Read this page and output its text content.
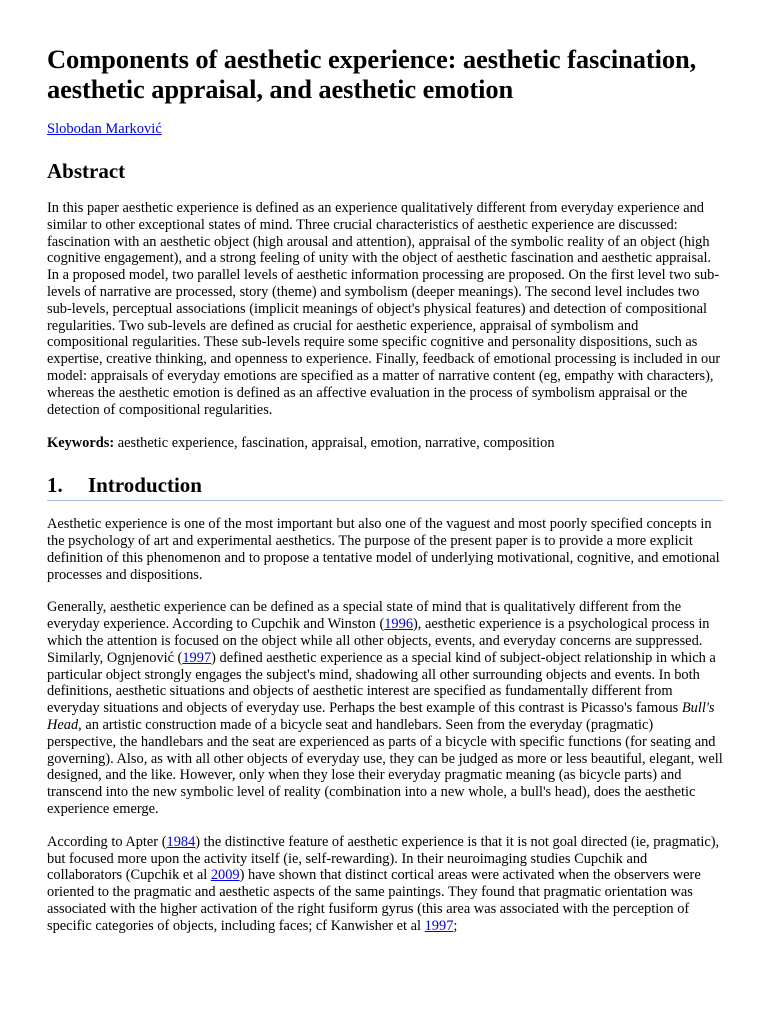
Components of aesthetic experience: aesthetic fascination, aesthetic appraisal, and aesthetic emotion
Slobodan Marković
Abstract

In this paper aesthetic experience is defined as an experience qualitatively different from everyday experience and similar to other exceptional states of mind. Three crucial characteristics of aesthetic experience are discussed: fascination with an aesthetic object (high arousal and attention), appraisal of the symbolic reality of an object (high cognitive engagement), and a strong feeling of unity with the object of aesthetic fascination and aesthetic appraisal. In a proposed model, two parallel levels of aesthetic information processing are proposed. On the first level two sub-levels of narrative are processed, story (theme) and symbolism (deeper meanings). The second level includes two sub-levels, perceptual associations (implicit meanings of object's physical features) and detection of compositional regularities. Two sub-levels are defined as crucial for aesthetic experience, appraisal of symbolism and compositional regularities. These sub-levels require some specific cognitive and personality dispositions, such as expertise, creative thinking, and openness to experience. Finally, feedback of emotional processing is included in our model: appraisals of everyday emotions are specified as a matter of narrative content (eg, empathy with characters), whereas the aesthetic emotion is defined as an affective evaluation in the process of symbolism appraisal or the detection of compositional regularities.

Keywords: aesthetic experience, fascination, appraisal, emotion, narrative, composition

1.	Introduction

Aesthetic experience is one of the most important but also one of the vaguest and most poorly specified concepts in the psychology of art and experimental aesthetics. The purpose of the present paper is to provide a more explicit definition of this phenomenon and to propose a tentative model of underlying motivational, cognitive, and emotional processes and dispositions.

Generally, aesthetic experience can be defined as a special state of mind that is qualitatively different from the everyday experience. According to Cupchik and Winston (1996), aesthetic experience is a psychological process in which the attention is focused on the object while all other objects, events, and everyday concerns are suppressed. Similarly, Ognjenović (1997) defined aesthetic experience as a special kind of subject-object relationship in which a particular object strongly engages the subject's mind, shadowing all other surrounding objects and events. In both definitions, aesthetic situations and objects of aesthetic interest are specified as fundamentally different from everyday situations and objects of everyday use. Perhaps the best example of this contrast is Picasso's famous Bull's Head, an artistic construction made of a bicycle seat and handlebars. Seen from the everyday (pragmatic) perspective, the handlebars and the seat are experienced as parts of a bicycle with specific functions (for seating and governing). Also, as with all other objects of everyday use, they can be judged as more or less beautiful, elegant, well designed, and the like. However, only when they lose their everyday pragmatic meaning (as bicycle parts) and transcend into the new symbolic level of reality (combination into a new whole, a bull's head), does the aesthetic experience emerge.

According to Apter (1984) the distinctive feature of aesthetic experience is that it is not goal directed (ie, pragmatic), but focused more upon the activity itself (ie, self-rewarding). In their neuroimaging studies Cupchik and collaborators (Cupchik et al 2009) have shown that distinct cortical areas were activated when the observers were oriented to the pragmatic and aesthetic aspects of the same paintings. They found that pragmatic orientation was associated with the higher activation of the right fusiform gyrus (this area was associated with the perception of specific categories of objects, including faces; cf Kanwisher et al 1997;
